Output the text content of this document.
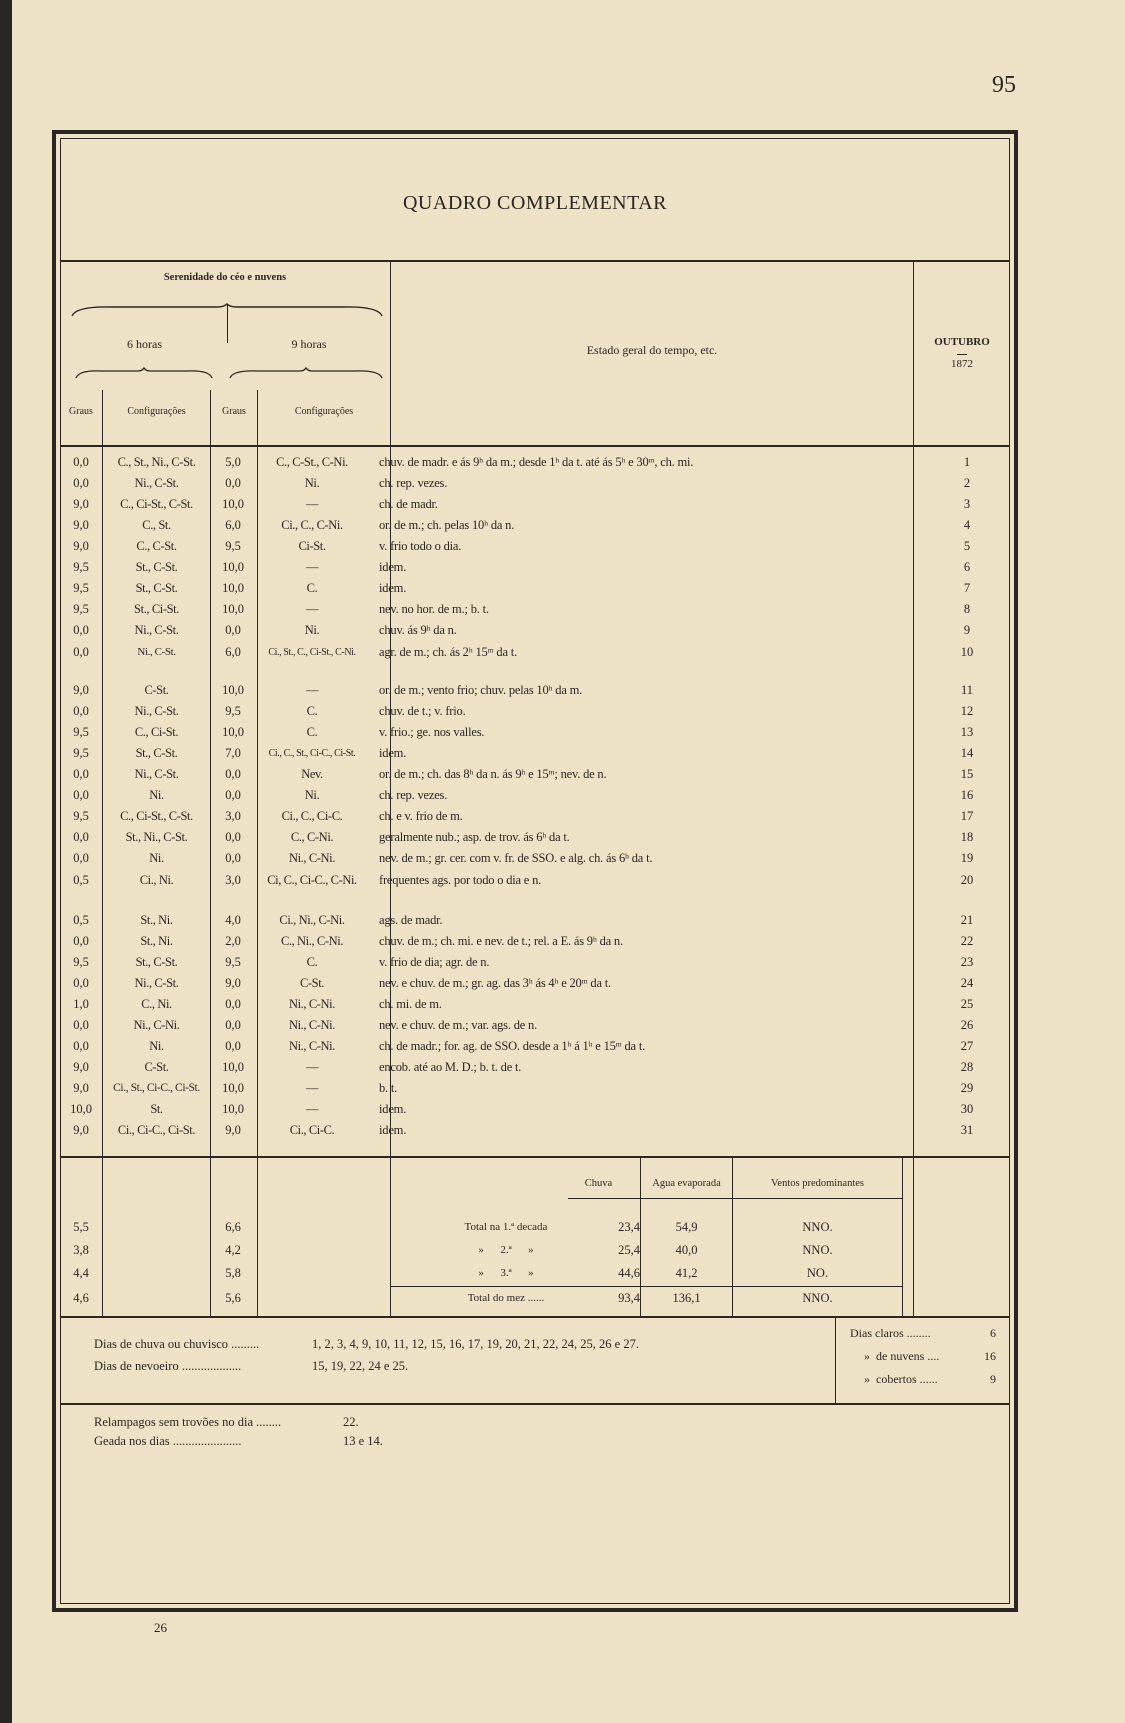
95
QUADRO COMPLEMENTAR
Serenidade do céo e nuvens
6 horas	9 horas
Graus	Configurações	Graus	Configurações
Estado geral do tempo, etc.
OUTUBRO
1872
0,0	C., St., Ni., C-St.	5,0	C., C-St., C-Ni.	chuv. de madr. e ás 9ʰ da m.; desde 1ʰ da t. até ás 5ʰ e 30ᵐ, ch. mi.	1
0,0	Ni., C-St.	0,0	Ni.	ch. rep. vezes.	2
9,0	C., Ci-St., C-St.	10,0	—	ch. de madr.	3
9,0	C., St.	6,0	Ci., C., C-Ni.	or. de m.; ch. pelas 10ʰ da n.	4
9,0	C., C-St.	9,5	Ci-St.	v. frio todo o dia.	5
9,5	St., C-St.	10,0	—	idem.	6
9,5	St., C-St.	10,0	C.	idem.	7
9,5	St., Ci-St.	10,0	—	nev. no hor. de m.; b. t.	8
0,0	Ni., C-St.	0,0	Ni.	chuv. ás 9ʰ da n.	9
0,0	Ni., C-St.	6,0	Ci., St., C., Ci-St., C-Ni.	agr. de m.; ch. ás 2ʰ 15ᵐ da t.	10
9,0	C-St.	10,0	—	or. de m.; vento frio; chuv. pelas 10ʰ da m.	11
0,0	Ni., C-St.	9,5	C.	chuv. de t.; v. frio.	12
9,5	C., Ci-St.	10,0	C.	v. frio.; ge. nos valles.	13
9,5	St., C-St.	7,0	Ci., C., St., Ci-C., Ci-St.	idem.	14
0,0	Ni., C-St.	0,0	Nev.	or. de m.; ch. das 8ʰ da n. ás 9ʰ e 15ᵐ; nev. de n.	15
0,0	Ni.	0,0	Ni.	ch. rep. vezes.	16
9,5	C., Ci-St., C-St.	3,0	Ci., C., Ci-C.	ch. e v. frio de m.	17
0,0	St., Ni., C-St.	0,0	C., C-Ni.	geralmente nub.; asp. de trov. ás 6ʰ da t.	18
0,0	Ni.	0,0	Ni., C-Ni.	nev. de m.; gr. cer. com v. fr. de SSO. e alg. ch. ás 6ʰ da t.	19
0,5	Ci., Ni.	3,0	Ci, C., Ci-C., C-Ni.	frequentes ags. por todo o dia e n.	20
0,5	St., Ni.	4,0	Ci., Ni., C-Ni.	ags. de madr.	21
0,0	St., Ni.	2,0	C., Ni., C-Ni.	chuv. de m.; ch. mi. e nev. de t.; rel. a E. ás 9ʰ da n.	22
9,5	St., C-St.	9,5	C.	v. frio de dia; agr. de n.	23
0,0	Ni., C-St.	9,0	C-St.	nev. e chuv. de m.; gr. ag. das 3ʰ ás 4ʰ e 20ᵐ da t.	24
1,0	C., Ni.	0,0	Ni., C-Ni.	ch. mi. de m.	25
0,0	Ni., C-Ni.	0,0	Ni., C-Ni.	nev. e chuv. de m.; var. ags. de n.	26
0,0	Ni.	0,0	Ni., C-Ni.	ch. de madr.; for. ag. de SSO. desde a 1ʰ á 1ʰ e 15ᵐ da t.	27
9,0	C-St.	10,0	—	encob. até ao M. D.; b. t. de t.	28
9,0	Ci., St., Ci-C., Ci-St.	10,0	—	b. t.	29
10,0	St.	10,0	—	idem.	30
9,0	Ci., Ci-C., Ci-St.	9,0	Ci., Ci-C.	idem.	31
Chuva	Agua evaporada	Ventos predominantes
5,5	6,6	Total na 1.ª decada	23,4	54,9	NNO.
3,8	4,2	»      2.ª      »	25,4	40,0	NNO.
4,4	5,8	»      3.ª      »	44,6	41,2	NO.
4,6	5,6	Total do mez ......	93,4	136,1	NNO.
Dias de chuva ou chuvisco .........	1, 2, 3, 4, 9, 10, 11, 12, 15, 16, 17, 19, 20, 21, 22, 24, 25, 26 e 27.
Dias de nevoeiro ...................	15, 19, 22, 24 e 25.
Dias claros ........	6
»  de nuvens ....	16
»  cobertos ......	9
Relampagos sem trovões no dia ........	22.
Geada nos dias ......................	13 e 14.
26
